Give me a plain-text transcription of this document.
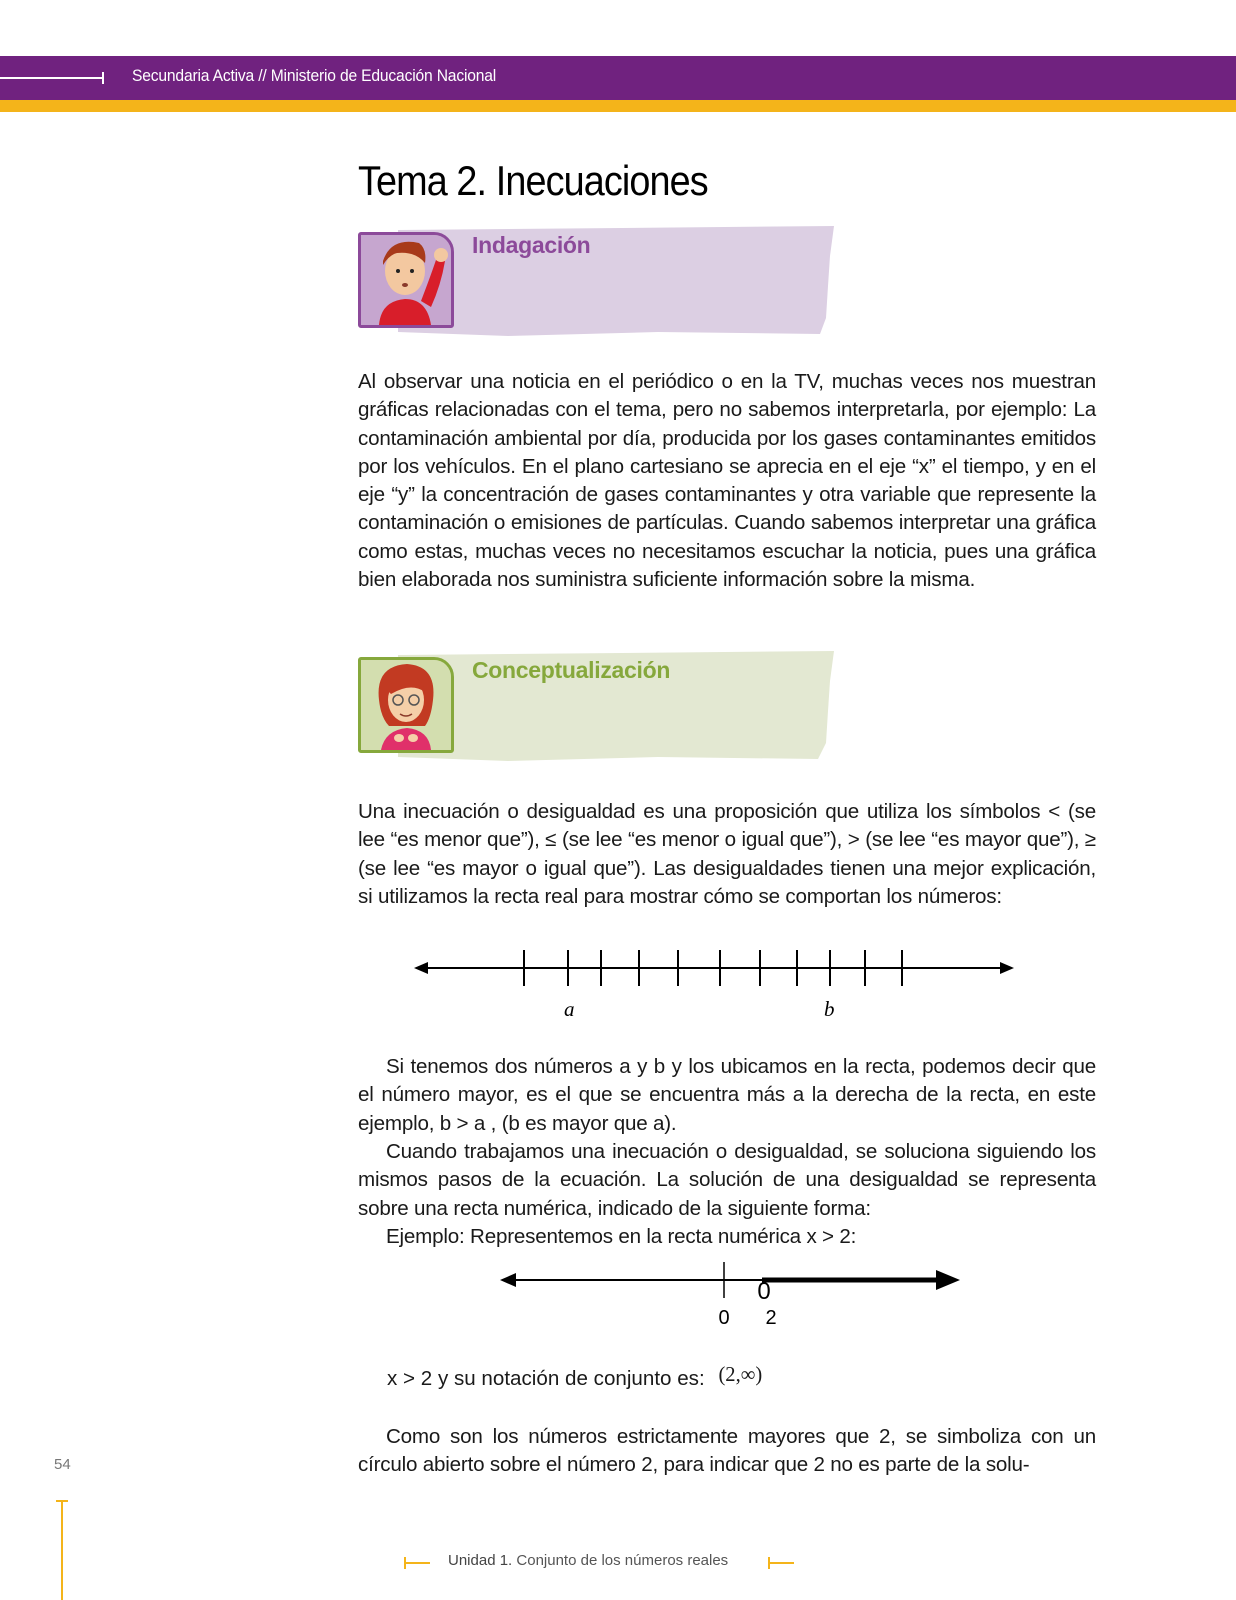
Secundaria Activa // Ministerio de Educación Nacional
Tema 2. Inecuaciones
Indagación

Al observar una noticia en el periódico o en la TV, muchas veces nos muestran gráficas relacionadas con el tema, pero no sabemos interpretarla, por ejemplo: La contaminación ambiental por día, producida por los gases contaminantes emitidos por los vehículos. En el plano cartesiano se aprecia en el eje “x” el tiempo, y en el eje “y” la concentración de gases contaminantes y otra variable que represente la contaminación o emisiones de partículas. Cuando sabemos interpretar una gráfica como estas, muchas veces no necesitamos escuchar la noticia, pues una gráfica bien elaborada nos suministra suficiente información sobre la misma.

Conceptualización

Una inecuación o desigualdad es una proposición que utiliza los símbolos < (se lee “es menor que”), ≤ (se lee “es menor o igual que”), > (se lee “es mayor que”), ≥ (se lee “es mayor o igual que”). Las desigualdades tienen una mejor explicación, si utilizamos la recta real para mostrar cómo se comportan los números:

a	b

Si tenemos dos números a y b y los ubicamos en la recta, podemos decir que el número mayor, es el que se encuentra más a la derecha de la recta, en este ejemplo, b > a , (b es mayor que a).

Cuando trabajamos una inecuación o desigualdad, se soluciona siguiendo los mismos pasos de la ecuación. La solución de una desigualdad se representa sobre una recta numérica, indicado de la siguiente forma:

Ejemplo: Representemos en la recta numérica x > 2:

0
0 2
x > 2 y su notación de conjunto es: (2,∞)

Como son los números estrictamente mayores que 2, se simboliza con un círculo abierto sobre el número 2, para indicar que 2 no es parte de la solu-

54
Unidad 1. Conjunto de los números reales
